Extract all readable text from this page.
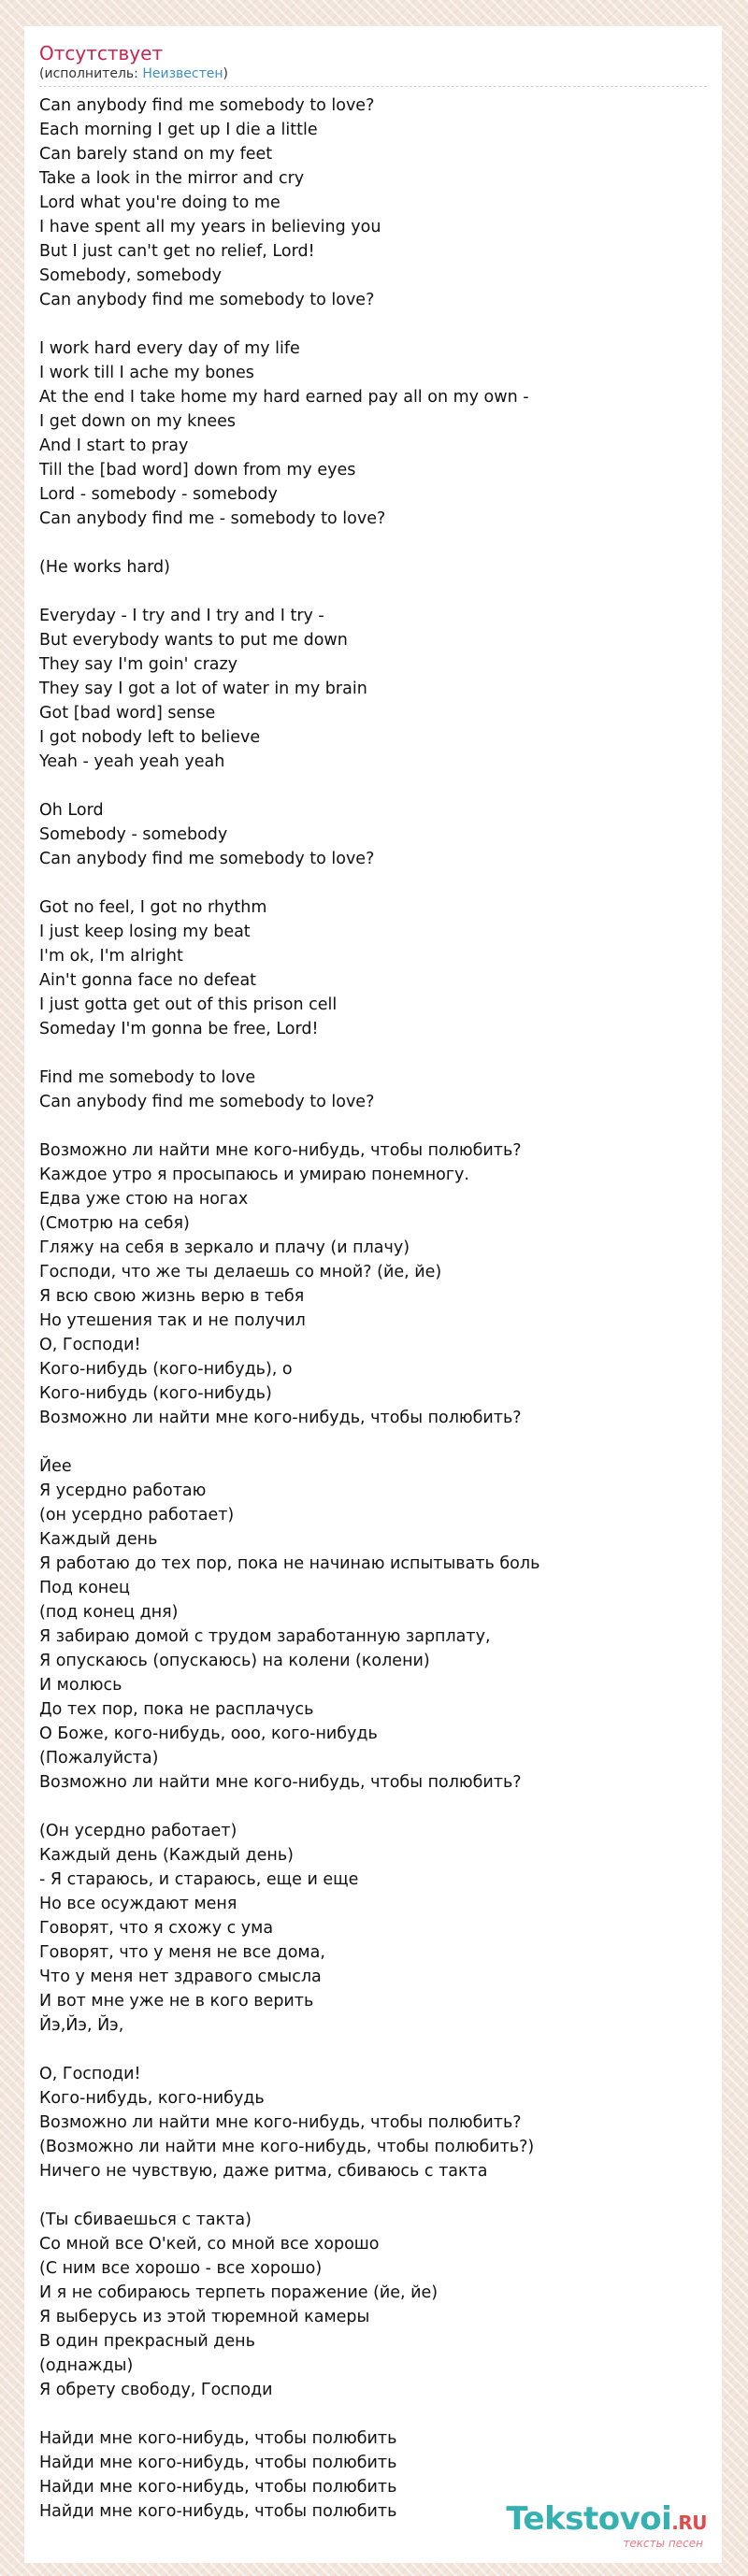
Отсутствует
(исполнитель: Неизвестен)
Can anybody find me somebody to love?
Each morning I get up I die a little
Can barely stand on my feet
Take a look in the mirror and cry
Lord what you're doing to me
I have spent all my years in believing you
But I just can't get no relief, Lord!
Somebody, somebody
Can anybody find me somebody to love?
I work hard every day of my life
I work till I ache my bones
At the end I take home my hard earned pay all on my own -
I get down on my knees
And I start to pray
Till the [bad word] down from my eyes
Lord - somebody - somebody
Can anybody find me - somebody to love?
(He works hard)
Everyday - I try and I try and I try -
But everybody wants to put me down
They say I'm goin' crazy
They say I got a lot of water in my brain
Got [bad word] sense
I got nobody left to believe
Yeah - yeah yeah yeah
Oh Lord
Somebody - somebody
Can anybody find me somebody to love?
Got no feel, I got no rhythm
I just keep losing my beat
I'm ok, I'm alright
Ain't gonna face no defeat
I just gotta get out of this prison cell
Someday I'm gonna be free, Lord!
Find me somebody to love
Can anybody find me somebody to love?
Возможно ли найти мне кого-нибудь, чтобы полюбить?
Каждое утро я просыпаюсь и умираю понемногу.
Едва уже стою на ногах
(Смотрю на себя)
Гляжу на себя в зеркало и плачу (и плачу)
Господи, что же ты делаешь со мной? (йе, йе)
Я всю свою жизнь верю в тебя
Но утешения так и не получил
О, Господи!
Кого-нибудь (кого-нибудь), о
Кого-нибудь (кого-нибудь)
Возможно ли найти мне кого-нибудь, чтобы полюбить?
Йее
Я усердно работаю
(он усердно работает)
Каждый день
Я работаю до тех пор, пока не начинаю испытывать боль
Под конец
(под конец дня)
Я забираю домой с трудом заработанную зарплату,
Я опускаюсь (опускаюсь) на колени (колени)
И молюсь
До тех пор, пока не расплачусь
О Боже, кого-нибудь, ооо, кого-нибудь
(Пожалуйста)
Возможно ли найти мне кого-нибудь, чтобы полюбить?
(Он усердно работает)
Каждый день (Каждый день)
- Я стараюсь, и стараюсь, еще и еще
Но все осуждают меня
Говорят, что я схожу с ума
Говорят, что у меня не все дома,
Что у меня нет здравого смысла
И вот мне уже не в кого верить
Йэ,Йэ, Йэ,
О, Господи!
Кого-нибудь, кого-нибудь
Возможно ли найти мне кого-нибудь, чтобы полюбить?
(Возможно ли найти мне кого-нибудь, чтобы полюбить?)
Ничего не чувствую, даже ритма, сбиваюсь с такта
(Ты сбиваешься с такта)
Со мной все О'кей, со мной все хорошо
(С ним все хорошо - все хорошо)
И я не собираюсь терпеть поражение (йе, йе)
Я выберусь из этой тюремной камеры
В один прекрасный день
(однажды)
Я обрету свободу, Господи
Найди мне кого-нибудь, чтобы полюбить
Найди мне кого-нибудь, чтобы полюбить
Найди мне кого-нибудь, чтобы полюбить
Найди мне кого-нибудь, чтобы полюбить	Tekstovoi.RU
тексты песен
